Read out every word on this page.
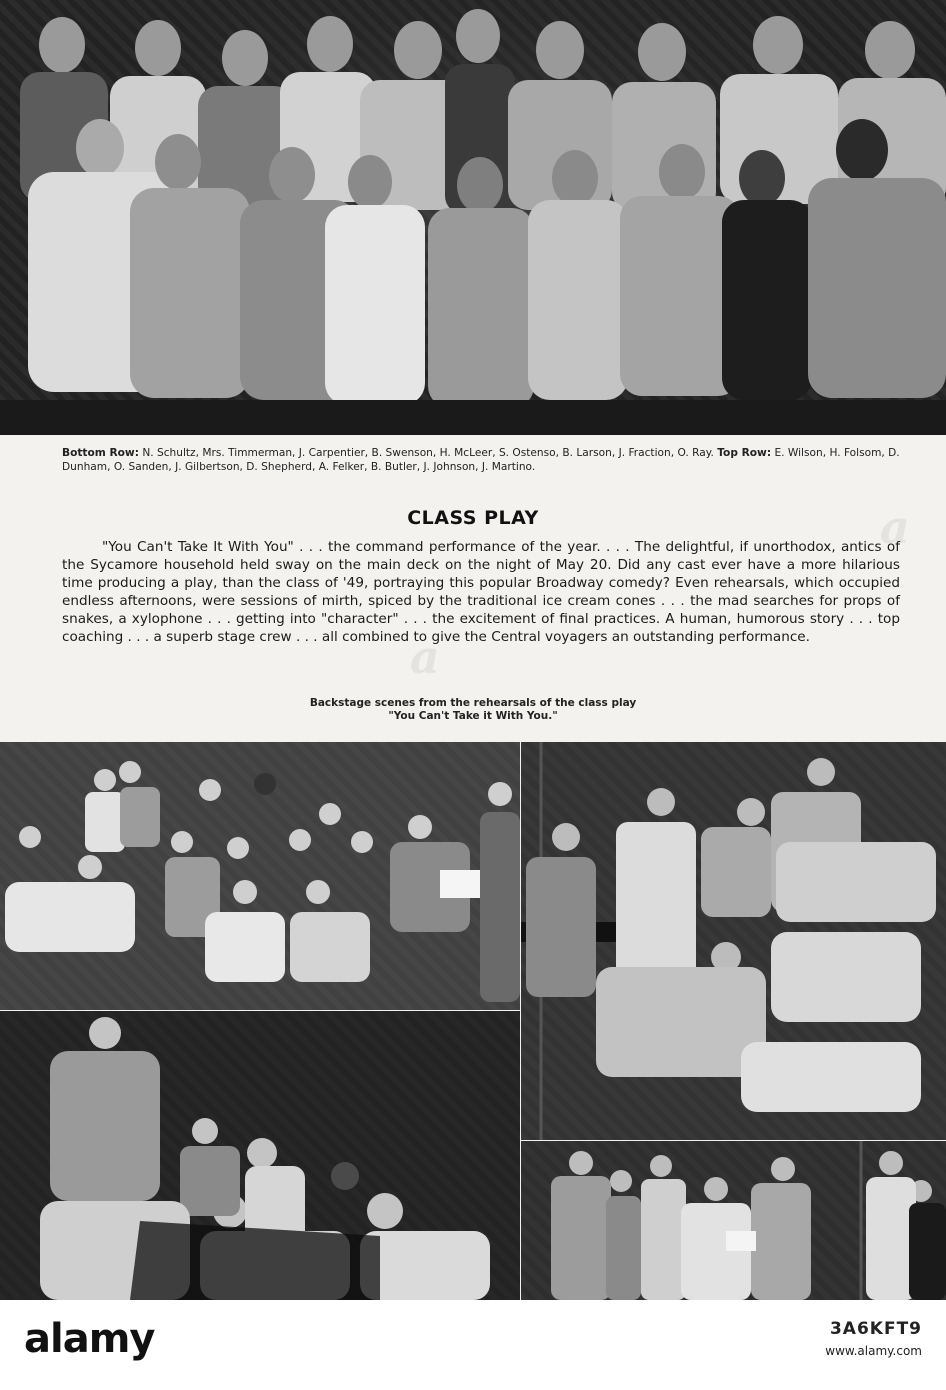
Bottom Row: N. Schultz, Mrs. Timmerman, J. Carpentier, B. Swenson, H. McLeer, S. Ostenso, B. Larson, J. Fraction, O. Ray. Top Row: E. Wilson, H. Folsom, D. Dunham, O. Sanden, J. Gilbertson, D. Shepherd, A. Felker, B. Butler, J. Johnson, J. Martino.
CLASS PLAY
"You Can't Take It With You" . . . the command performance of the year. . . . The delightful, if unorthodox, antics of the Sycamore household held sway on the main deck on the night of May 20. Did any cast ever have a more hilarious time producing a play, than the class of '49, portraying this popular Broadway comedy? Even rehearsals, which occupied endless afternoons, were sessions of mirth, spiced by the traditional ice cream cones . . . the mad searches for props of snakes, a xylophone . . . getting into "character" . . . the excitement of final practices. A human, humorous story . . . top coaching . . . a superb stage crew . . . all combined to give the Central voyagers an outstanding performance.
Backstage scenes from the rehearsals of the class play
"You Can't Take it With You."
a
a
alamy	3A6KFT9
www.alamy.com
